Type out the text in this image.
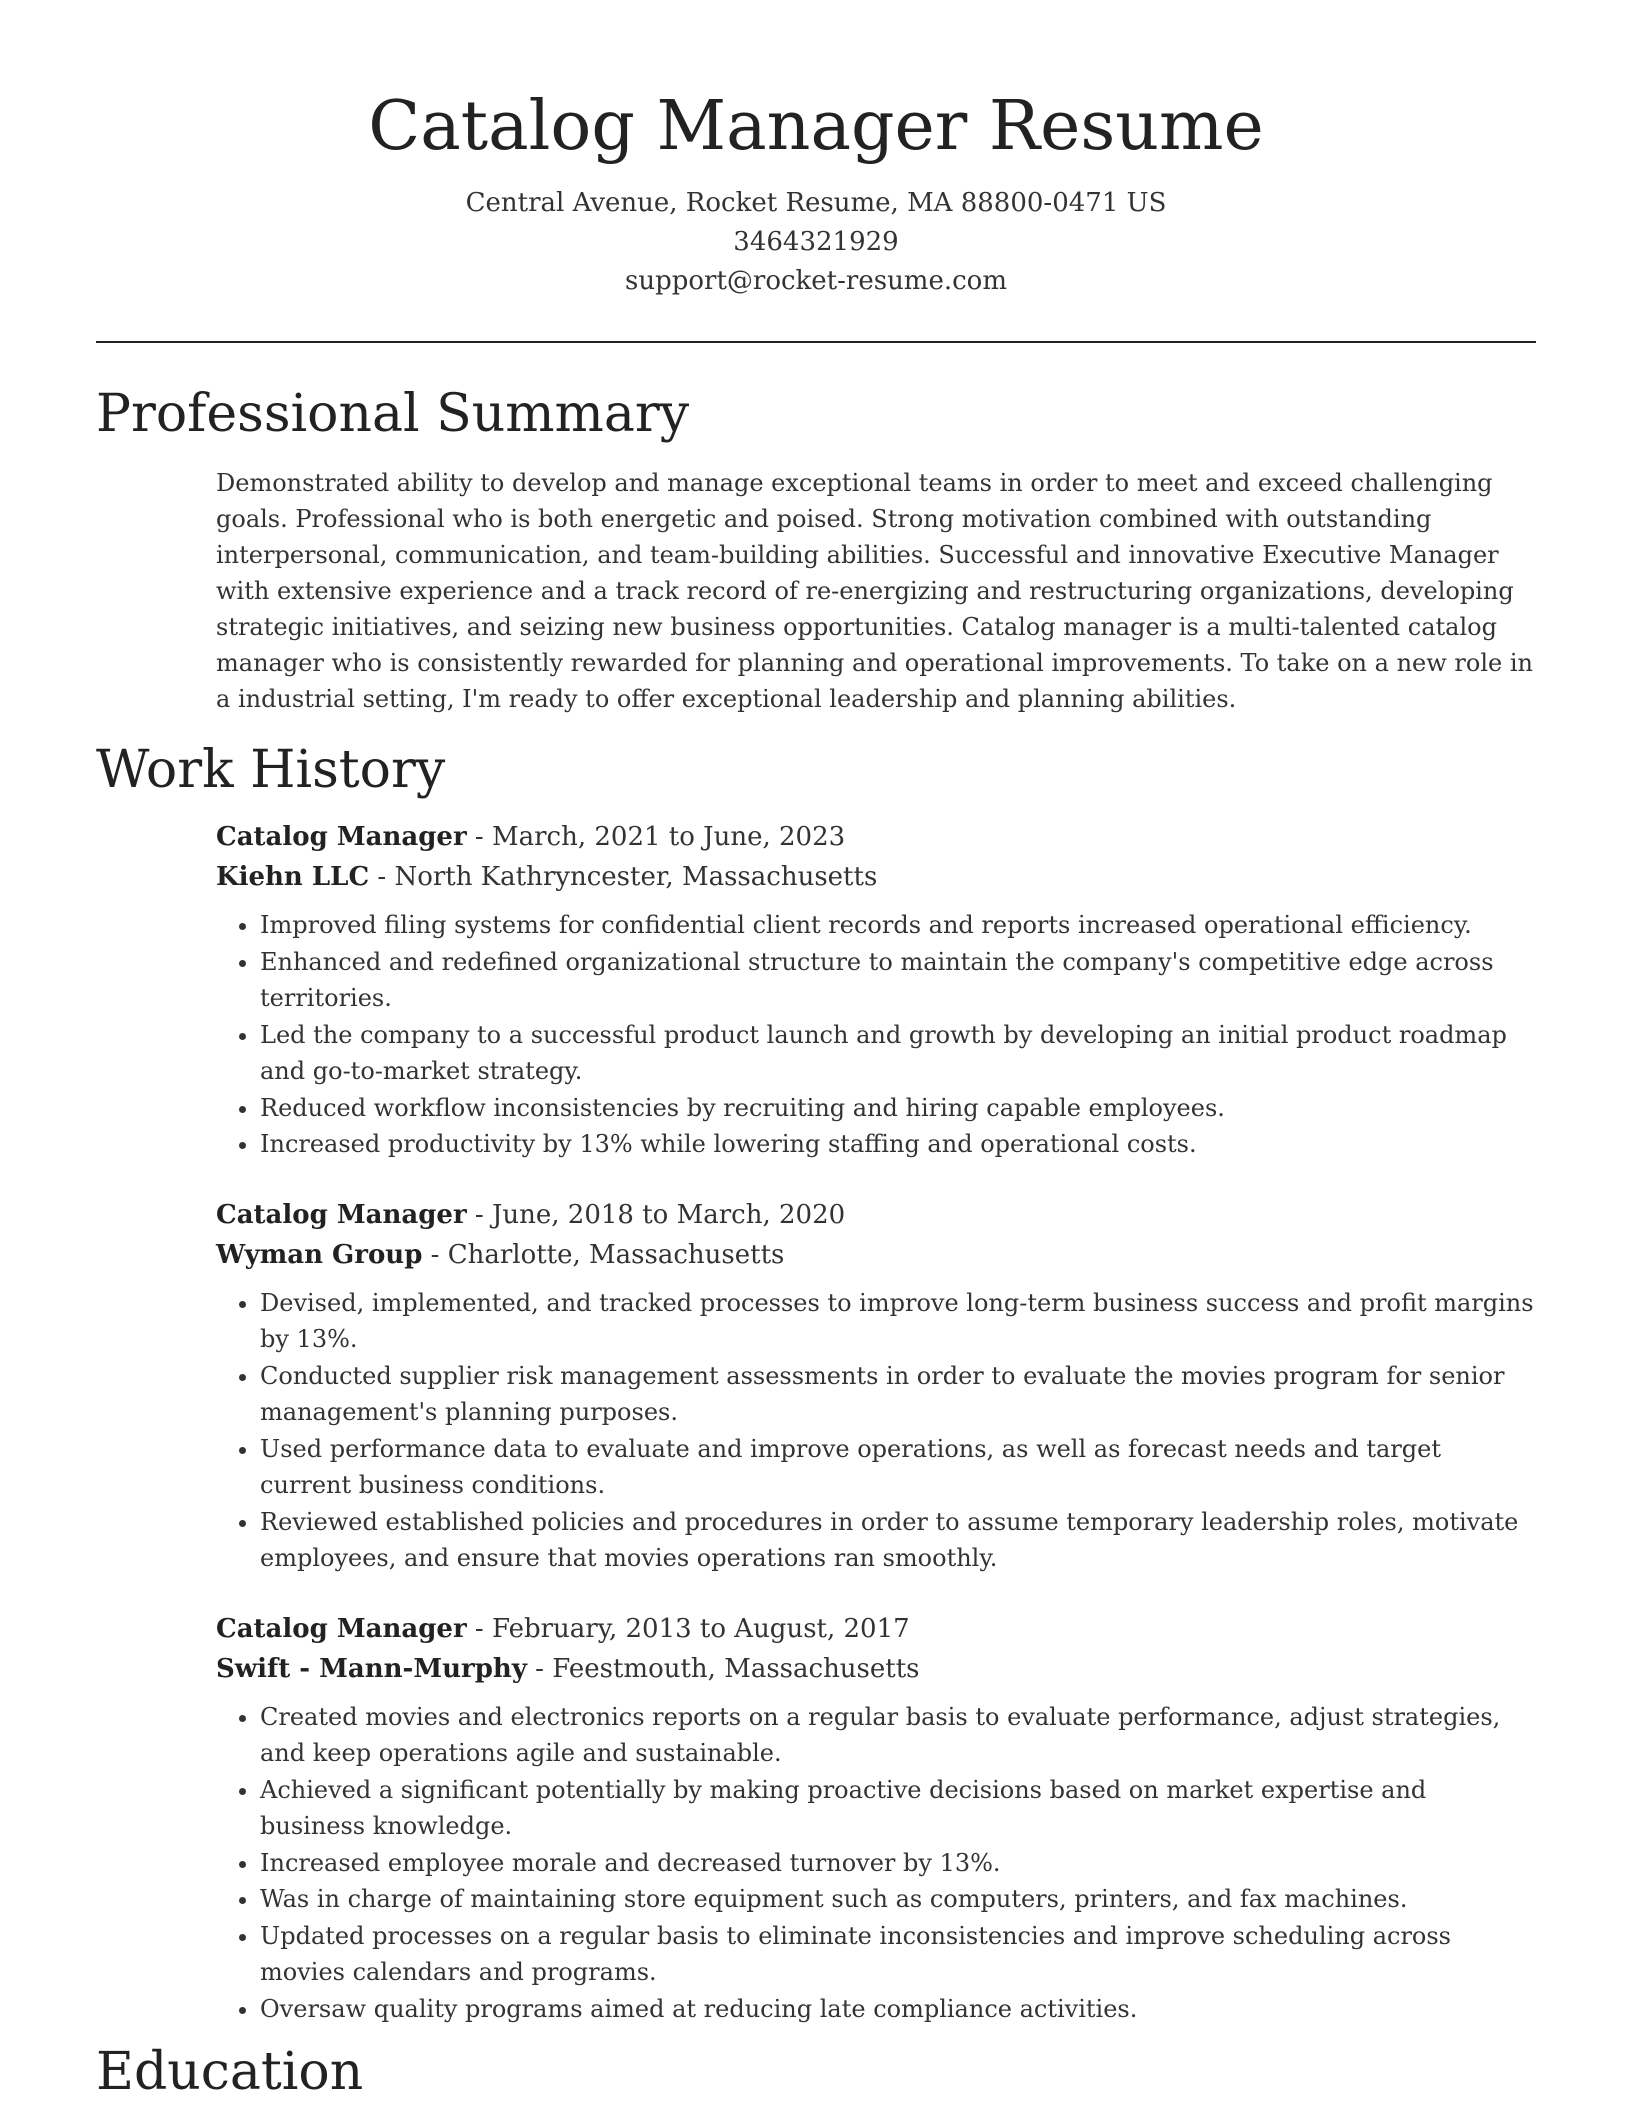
Catalog Manager Resume
Central Avenue, Rocket Resume, MA 88800-0471 US
3464321929
support@rocket-resume.com
Professional Summary
Demonstrated ability to develop and manage exceptional teams in order to meet and exceed challenging goals. Professional who is both energetic and poised. Strong motivation combined with outstanding interpersonal, communication, and team-building abilities. Successful and innovative Executive Manager with extensive experience and a track record of re-energizing and restructuring organizations, developing strategic initiatives, and seizing new business opportunities. Catalog manager is a multi-talented catalog manager who is consistently rewarded for planning and operational improvements. To take on a new role in a industrial setting, I'm ready to offer exceptional leadership and planning abilities.
Work History
Catalog Manager - March, 2021 to June, 2023
Kiehn LLC - North Kathryncester, Massachusetts
• Improved filing systems for confidential client records and reports increased operational efficiency.
• Enhanced and redefined organizational structure to maintain the company's competitive edge across territories.
• Led the company to a successful product launch and growth by developing an initial product roadmap and go-to-market strategy.
• Reduced workflow inconsistencies by recruiting and hiring capable employees.
• Increased productivity by 13% while lowering staffing and operational costs.
Catalog Manager - June, 2018 to March, 2020
Wyman Group - Charlotte, Massachusetts
• Devised, implemented, and tracked processes to improve long-term business success and profit margins by 13%.
• Conducted supplier risk management assessments in order to evaluate the movies program for senior management's planning purposes.
• Used performance data to evaluate and improve operations, as well as forecast needs and target current business conditions.
• Reviewed established policies and procedures in order to assume temporary leadership roles, motivate employees, and ensure that movies operations ran smoothly.
Catalog Manager - February, 2013 to August, 2017
Swift - Mann-Murphy - Feestmouth, Massachusetts
• Created movies and electronics reports on a regular basis to evaluate performance, adjust strategies, and keep operations agile and sustainable.
• Achieved a significant potentially by making proactive decisions based on market expertise and business knowledge.
• Increased employee morale and decreased turnover by 13%.
• Was in charge of maintaining store equipment such as computers, printers, and fax machines.
• Updated processes on a regular basis to eliminate inconsistencies and improve scheduling across movies calendars and programs.
• Oversaw quality programs aimed at reducing late compliance activities.
Education
